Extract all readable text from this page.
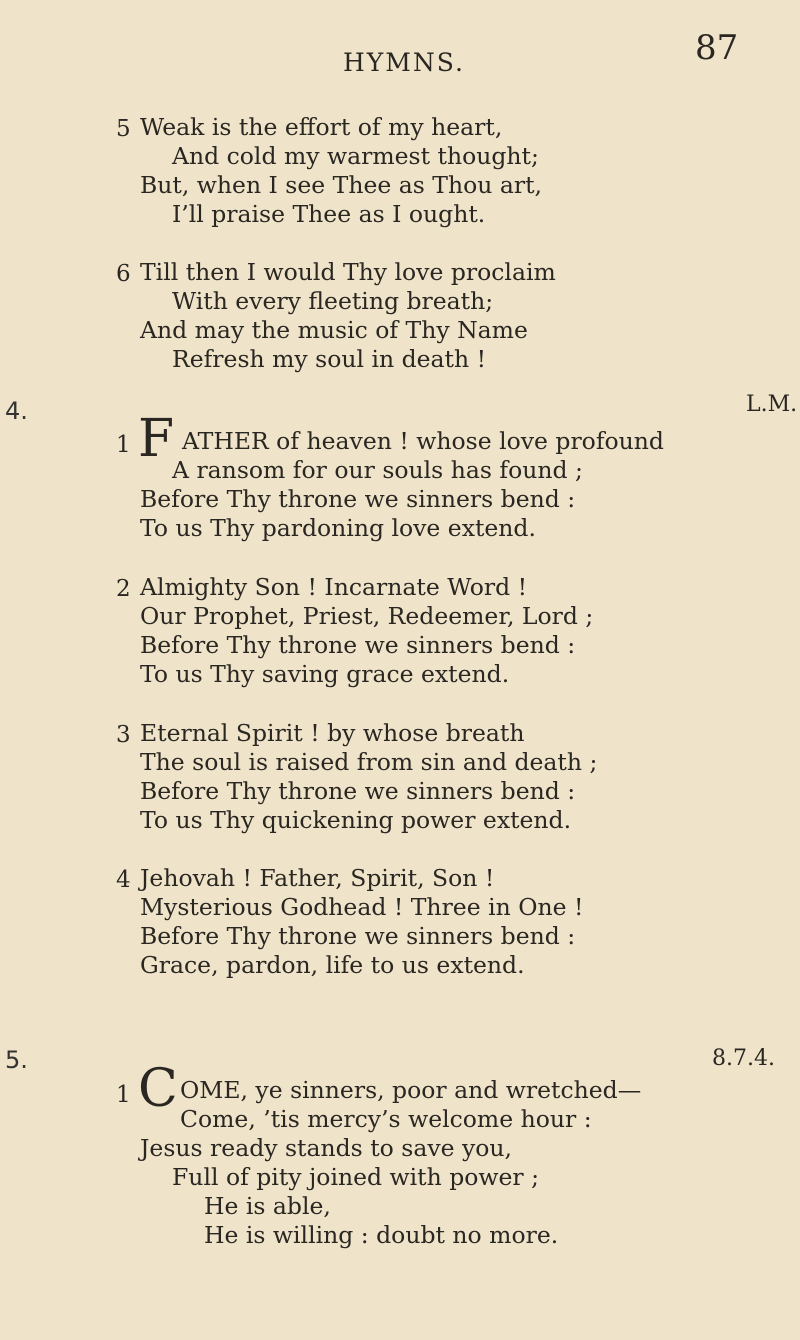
HYMNS.	87
5 Weak is the effort of my heart,
And cold my warmest thought;
But, when I see Thee as Thou art,
I’ll praise Thee as I ought.
6 Till then I would Thy love proclaim
With every fleeting breath;
And may the music of Thy Name
Refresh my soul in death !
4.	L.M.
1 F ATHER of heaven ! whose love profound
A ransom for our souls has found ;
Before Thy throne we sinners bend :
To us Thy pardoning love extend.
2 Almighty Son ! Incarnate Word !
Our Prophet, Priest, Redeemer, Lord ;
Before Thy throne we sinners bend :
To us Thy saving grace extend.
3 Eternal Spirit ! by whose breath
The soul is raised from sin and death ;
Before Thy throne we sinners bend :
To us Thy quickening power extend.
4 Jehovah ! Father, Spirit, Son !
Mysterious Godhead ! Three in One !
Before Thy throne we sinners bend :
Grace, pardon, life to us extend.
5.	8.7.4.
1 C OME, ye sinners, poor and wretched—
Come, ’tis mercy’s welcome hour :
Jesus ready stands to save you,
Full of pity joined with power ;
He is able,
He is willing : doubt no more.
